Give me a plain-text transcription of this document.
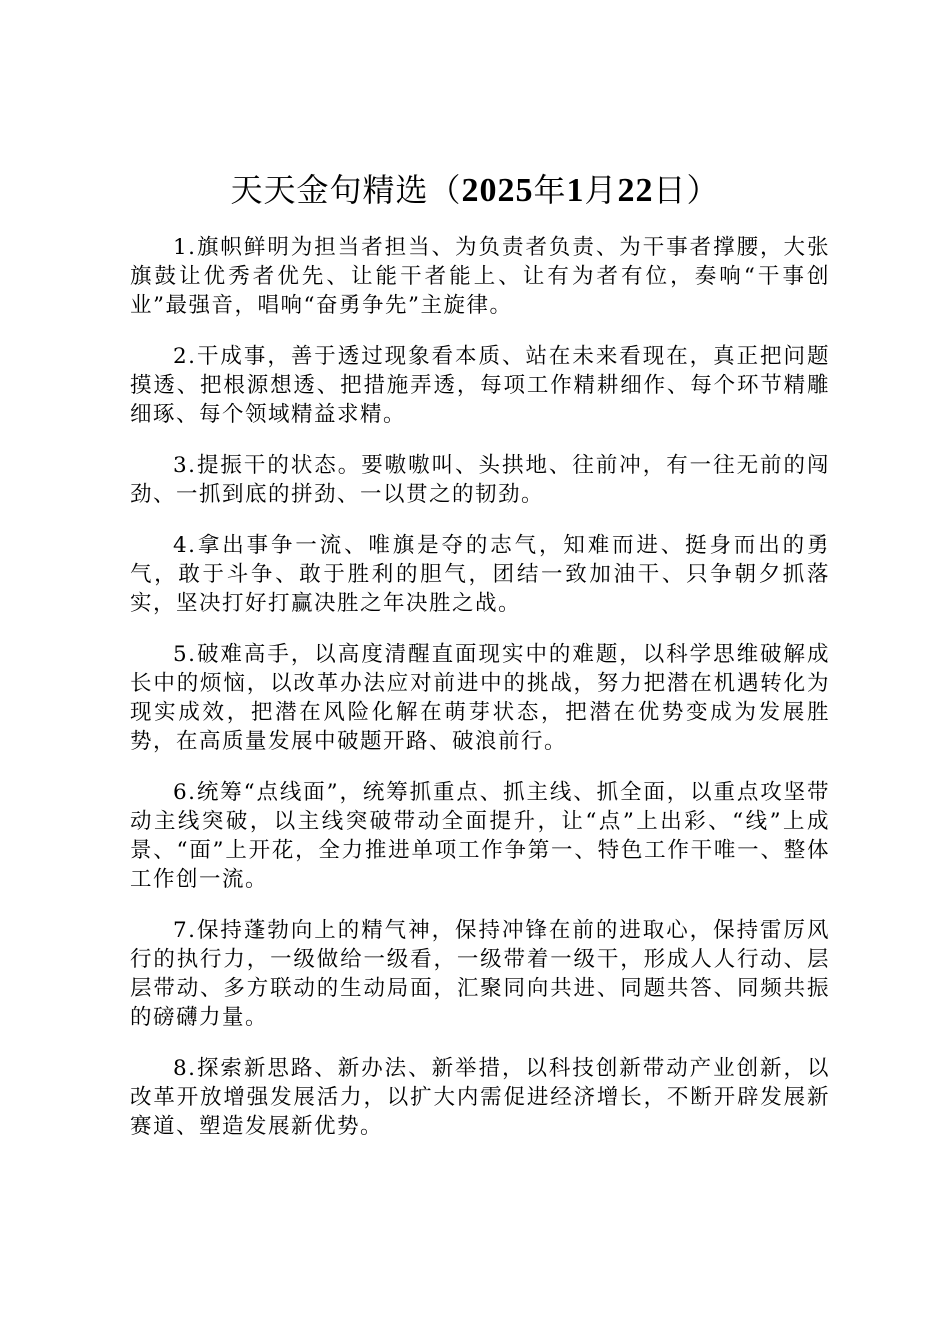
天天金句精选（2025年1月22日）

1.旗帜鲜明为担当者担当、为负责者负责、为干事者撑腰，大张旗鼓让优秀者优先、让能干者能上、让有为者有位，奏响“干事创业”最强音，唱响“奋勇争先”主旋律。

2.干成事，善于透过现象看本质、站在未来看现在，真正把问题摸透、把根源想透、把措施弄透，每项工作精耕细作、每个环节精雕细琢、每个领域精益求精。

3.提振干的状态。要嗷嗷叫、头拱地、往前冲，有一往无前的闯劲、一抓到底的拼劲、一以贯之的韧劲。

4.拿出事争一流、唯旗是夺的志气，知难而进、挺身而出的勇气，敢于斗争、敢于胜利的胆气，团结一致加油干、只争朝夕抓落实，坚决打好打赢决胜之年决胜之战。

5.破难高手，以高度清醒直面现实中的难题，以科学思维破解成长中的烦恼，以改革办法应对前进中的挑战，努力把潜在机遇转化为现实成效，把潜在风险化解在萌芽状态，把潜在优势变成为发展胜势，在高质量发展中破题开路、破浪前行。

6.统筹“点线面”，统筹抓重点、抓主线、抓全面，以重点攻坚带动主线突破，以主线突破带动全面提升，让“点”上出彩、“线”上成景、“面”上开花，全力推进单项工作争第一、特色工作干唯一、整体工作创一流。

7.保持蓬勃向上的精气神，保持冲锋在前的进取心，保持雷厉风行的执行力，一级做给一级看，一级带着一级干，形成人人行动、层层带动、多方联动的生动局面，汇聚同向共进、同题共答、同频共振的磅礴力量。

8.探索新思路、新办法、新举措，以科技创新带动产业创新，以改革开放增强发展活力，以扩大内需促进经济增长，不断开辟发展新赛道、塑造发展新优势。
